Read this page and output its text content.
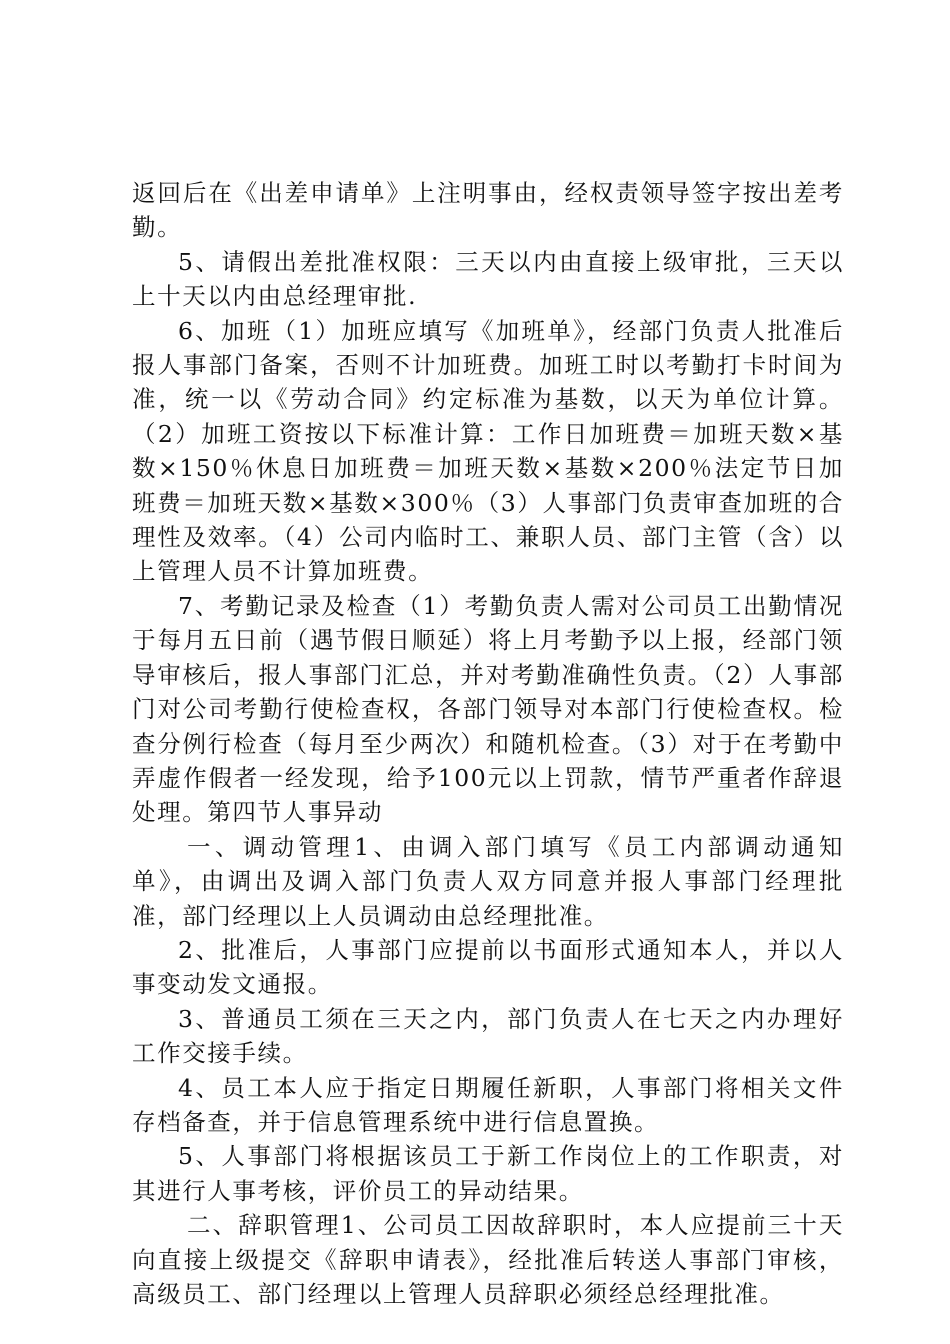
返回后在《出差申请单》上注明事由，经权责领导签字按出差考勤。

5、请假出差批准权限：三天以内由直接上级审批，三天以上十天以内由总经理审批.

6、加班（1）加班应填写《加班单》，经部门负责人批准后报人事部门备案，否则不计加班费。加班工时以考勤打卡时间为准，统一以《劳动合同》约定标准为基数，以天为单位计算。（2）加班工资按以下标准计算：工作日加班费＝加班天数×基数×150％休息日加班费＝加班天数×基数×200％法定节日加班费＝加班天数×基数×300％（3）人事部门负责审查加班的合理性及效率。（4）公司内临时工、兼职人员、部门主管（含）以上管理人员不计算加班费。

7、考勤记录及检查（1）考勤负责人需对公司员工出勤情况于每月五日前（遇节假日顺延）将上月考勤予以上报，经部门领导审核后，报人事部门汇总，并对考勤准确性负责。（2）人事部门对公司考勤行使检查权，各部门领导对本部门行使检查权。检查分例行检查（每月至少两次）和随机检查。（3）对于在考勤中弄虚作假者一经发现，给予100元以上罚款，情节严重者作辞退处理。第四节人事异动

一、调动管理1、由调入部门填写《员工内部调动通知单》，由调出及调入部门负责人双方同意并报人事部门经理批准，部门经理以上人员调动由总经理批准。

2、批准后，人事部门应提前以书面形式通知本人，并以人事变动发文通报。

3、普通员工须在三天之内，部门负责人在七天之内办理好工作交接手续。

4、员工本人应于指定日期履任新职，人事部门将相关文件存档备查，并于信息管理系统中进行信息置换。

5、人事部门将根据该员工于新工作岗位上的工作职责，对其进行人事考核，评价员工的异动结果。

二、辞职管理1、公司员工因故辞职时，本人应提前三十天向直接上级提交《辞职申请表》，经批准后转送人事部门审核，高级员工、部门经理以上管理人员辞职必须经总经理批准。
